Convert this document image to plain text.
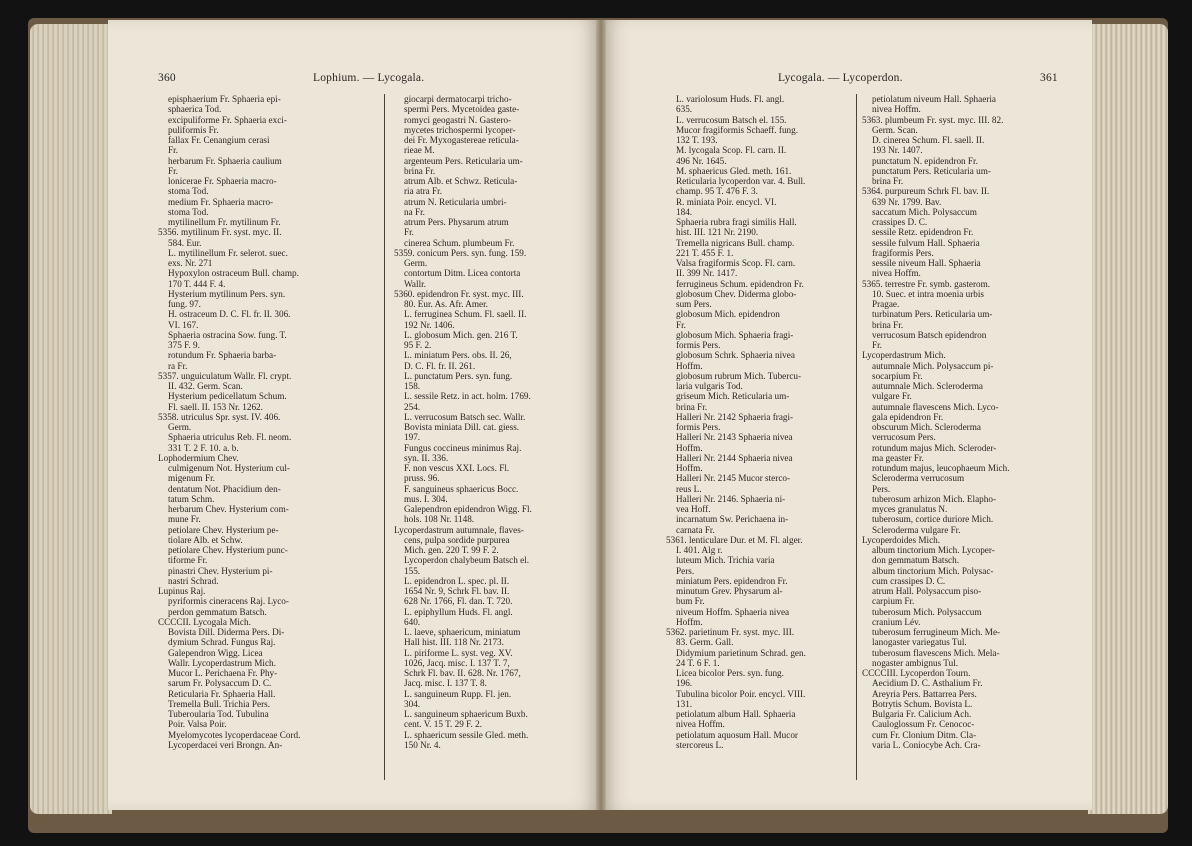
360	Lophium. — Lycogala.
episphaerium Fr. Sphaeria epi-
sphaerica Tod.
excipuliforme Fr. Sphaeria exci-
puliformis Fr.
fallax Fr. Cenangium cerasi
Fr.
herbarum Fr. Sphaeria caulium
Fr.
lonicerae Fr. Sphaeria macro-
stoma Tod.
medium Fr. Sphaeria macro-
stoma Tod.
mytilinellum Fr. mytilinum Fr.
5356. mytilinum Fr. syst. myc. II.
584. Eur.
L. mytilinellum Fr. selerot. suec.
exs. Nr. 271
Hypoxylon ostraceum Bull. champ.
170 T. 444 F. 4.
Hysterium mytilinum Pers. syn.
fung. 97.
H. ostraceum D. C. Fl. fr. II. 306.
VI. 167.
Sphaeria ostracina Sow. fung. T.
375 F. 9.
rotundum Fr. Sphaeria barba-
ra Fr.
5357. unguiculatum Wallr. Fl. crypt.
II. 432. Germ. Scan.
Hysterium pedicellatum Schum.
Fl. saell. II. 153 Nr. 1262.
5358. utriculus Spr. syst. IV. 406.
Germ.
Sphaeria utriculus Reb. Fl. neom.
331 T. 2 F. 10. a. b.
Lophodermium Chev.
culmigenum Not. Hysterium cul-
migenum Fr.
dentatum Not. Phacidium den-
tatum Schm.
herbarum Chev. Hysterium com-
mune Fr.
petiolare Chev. Hysterium pe-
tiolare Alb. et Schw.
petiolare Chev. Hysterium punc-
tiforme Fr.
pinastri Chev. Hysterium pi-
nastri Schrad.
Lupinus Raj.
pyriformis cineracens Raj. Lyco-
perdon gemmatum Batsch.
CCCCII. Lycogala Mich.
Bovista Dill. Diderma Pers. Di-
dymium Schrad. Fungus Raj.
Galependron Wigg. Licea
Wallr. Lycoperdastrum Mich.
Mucor L. Perichaena Fr. Phy-
sarum Fr. Polysaccum D. C.
Reticularia Fr. Sphaeria Hall.
Tremella Bull. Trichia Pers.
Tuberoularia Tod. Tubulina
Poir. Valsa Poir.
Myelomycotes lycoperdaceae Cord.
Lycoperdacei veri Brongn. An-
giocarpi dermatocarpi tricho-
spermi Pers. Mycetoidea gaste-
romyci geogastri N. Gastero-
mycetes trichospermi lycoper-
dei Fr. Myxogastereae reticula-
rieae M.
argenteum Pers. Reticularia um-
brina Fr.
atrum Alb. et Schwz. Reticula-
ria atra Fr.
atrum N. Reticularia umbri-
na Fr.
atrum Pers. Physarum atrum
Fr.
cinerea Schum. plumbeum Fr.
5359. conicum Pers. syn. fung. 159.
Germ.
contortum Ditm. Licea contorta
Wallr.
5360. epidendron Fr. syst. myc. III.
80. Eur. As. Afr. Amer.
L. ferruginea Schum. Fl. saell. II.
192 Nr. 1406.
L. globosum Mich. gen. 216 T.
95 F. 2.
L. miniatum Pers. obs. II. 26,
D. C. Fl. fr. II. 261.
L. punctatum Pers. syn. fung.
158.
L. sessile Retz. in act. holm. 1769.
254.
L. verrucosum Batsch sec. Wallr.
Bovista miniata Dill. cat. giess.
197.
Fungus coccineus minimus Raj.
syn. II. 336.
F. non vescus XXI. Locs. Fl.
pruss. 96.
F. sanguineus sphaericus Bocc.
mus. I. 304.
Galependron epidendron Wigg. Fl.
hols. 108 Nr. 1148.
Lycoperdastrum autumnale, flaves-
cens, pulpa sordide purpurea
Mich. gen. 220 T. 99 F. 2.
Lycoperdon chalybeum Batsch el.
155.
L. epidendron L. spec. pl. II.
1654 Nr. 9, Schrk Fl. bav. II.
628 Nr. 1766, Fl. dan. T. 720.
L. epiphyllum Huds. Fl. angl.
640.
L. laeve, sphaericum, miniatum
Hall hist. III. 118 Nr. 2173.
L. piriforme L. syst. veg. XV.
1026, Jacq. misc. I. 137 T. 7,
Schrk Fl. bav. II. 628. Nr. 1767,
Jacq. misc. I. 137 T. 8.
L. sanguineum Rupp. Fl. jen.
304.
L. sanguineum sphaericum Buxb.
cent. V. 15 T. 29 F. 2.
L. sphaericum sessile Gled. meth.
150 Nr. 4.
Lycogala. — Lycoperdon.	361
L. variolosum Huds. Fl. angl.
635.
L. verrucosum Batsch el. 155.
Mucor fragiformis Schaeff. fung.
132 T. 193.
M. lycogala Scop. Fl. carn. II.
496 Nr. 1645.
M. sphaericus Gled. meth. 161.
Reticularia lycoperdon var. 4. Bull.
champ. 95 T. 476 F. 3.
R. miniata Poir. encycl. VI.
184.
Sphaeria rubra fragi similis Hall.
hist. III. 121 Nr. 2190.
Tremella nigricans Bull. champ.
221 T. 455 F. 1.
Valsa fragiformis Scop. Fl. carn.
II. 399 Nr. 1417.
ferrugineus Schum. epidendron Fr.
globosum Chev. Diderma globo-
sum Pers.
globosum Mich. epidendron
Fr.
globosum Mich. Sphaeria fragi-
formis Pers.
globosum Schrk. Sphaeria nivea
Hoffm.
globosum rubrum Mich. Tubercu-
laria vulgaris Tod.
griseum Mich. Reticularia um-
brina Fr.
Halleri Nr. 2142 Sphaeria fragi-
formis Pers.
Halleri Nr. 2143 Sphaeria nivea
Hoffm.
Halleri Nr. 2144 Sphaeria nivea
Hoffm.
Halleri Nr. 2145 Mucor sterco-
reus L.
Halleri Nr. 2146. Sphaeria ni-
vea Hoff.
incarnatum Sw. Perichaena in-
carnata Fr.
5361. lenticulare Dur. et M. Fl. alger.
I. 401. Alg r.
luteum Mich. Trichia varia
Pers.
miniatum Pers. epidendron Fr.
minutum Grev. Physarum al-
bum Fr.
niveum Hoffm. Sphaeria nivea
Hoffm.
5362. parietinum Fr. syst. myc. III.
83. Germ. Gall.
Didymium parietinum Schrad. gen.
24 T. 6 F. 1.
Licea bicolor Pers. syn. fung.
196.
Tubulina bicolor Poir. encycl. VIII.
131.
petiolatum album Hall. Sphaeria
nivea Hoffm.
petiolatum aquosum Hall. Mucor
stercoreus L.
petiolatum niveum Hall. Sphaeria
nivea Hoffm.
5363. plumbeum Fr. syst. myc. III. 82.
Germ. Scan.
D. cinerea Schum. Fl. saell. II.
193 Nr. 1407.
punctatum N. epidendron Fr.
punctatum Pers. Reticularia um-
brina Fr.
5364. purpureum Schrk Fl. bav. II.
639 Nr. 1799. Bav.
saccatum Mich. Polysaccum
crassipes D. C.
sessile Retz. epidendron Fr.
sessile fulvum Hall. Sphaeria
fragiformis Pers.
sessile niveum Hall. Sphaeria
nivea Hoffm.
5365. terrestre Fr. symb. gasterom.
10. Suec. et intra moenia urbis
Pragae.
turbinatum Pers. Reticularia um-
brina Fr.
verrucosum Batsch epidendron
Fr.
Lycoperdastrum Mich.
autumnale Mich. Polysaccum pi-
socarpium Fr.
autumnale Mich. Scleroderma
vulgare Fr.
autumnale flavescens Mich. Lyco-
gala epidendron Fr.
obscurum Mich. Scleroderma
verrucosum Pers.
rotundum majus Mich. Scleroder-
ma geaster Fr.
rotundum majus, leucophaeum Mich.
Scleroderma verrucosum
Pers.
tuberosum arhizon Mich. Elapho-
myces granulatus N.
tuberosum, cortice duriore Mich.
Scleroderma vulgare Fr.
Lycoperdoides Mich.
album tinctorium Mich. Lycoper-
don gemmatum Batsch.
album tinctorium Mich. Polysac-
cum crassipes D. C.
atrum Hall. Polysaccum piso-
carpium Fr.
tuberosum Mich. Polysaccum
cranium Lév.
tuberosum ferrugineum Mich. Me-
lanogaster variegatus Tul.
tuberosum flavescens Mich. Mela-
nogaster ambignus Tul.
CCCCIII. Lycoperdon Tourn.
Aecidium D. C. Asthalium Fr.
Areyria Pers. Battarrea Pers.
Botrytis Schum. Bovista L.
Bulgaria Fr. Calicium Ach.
Cauloglossum Fr. Cenococ-
cum Fr. Clonium Ditm. Cla-
varia L. Coniocybe Ach. Cra-
